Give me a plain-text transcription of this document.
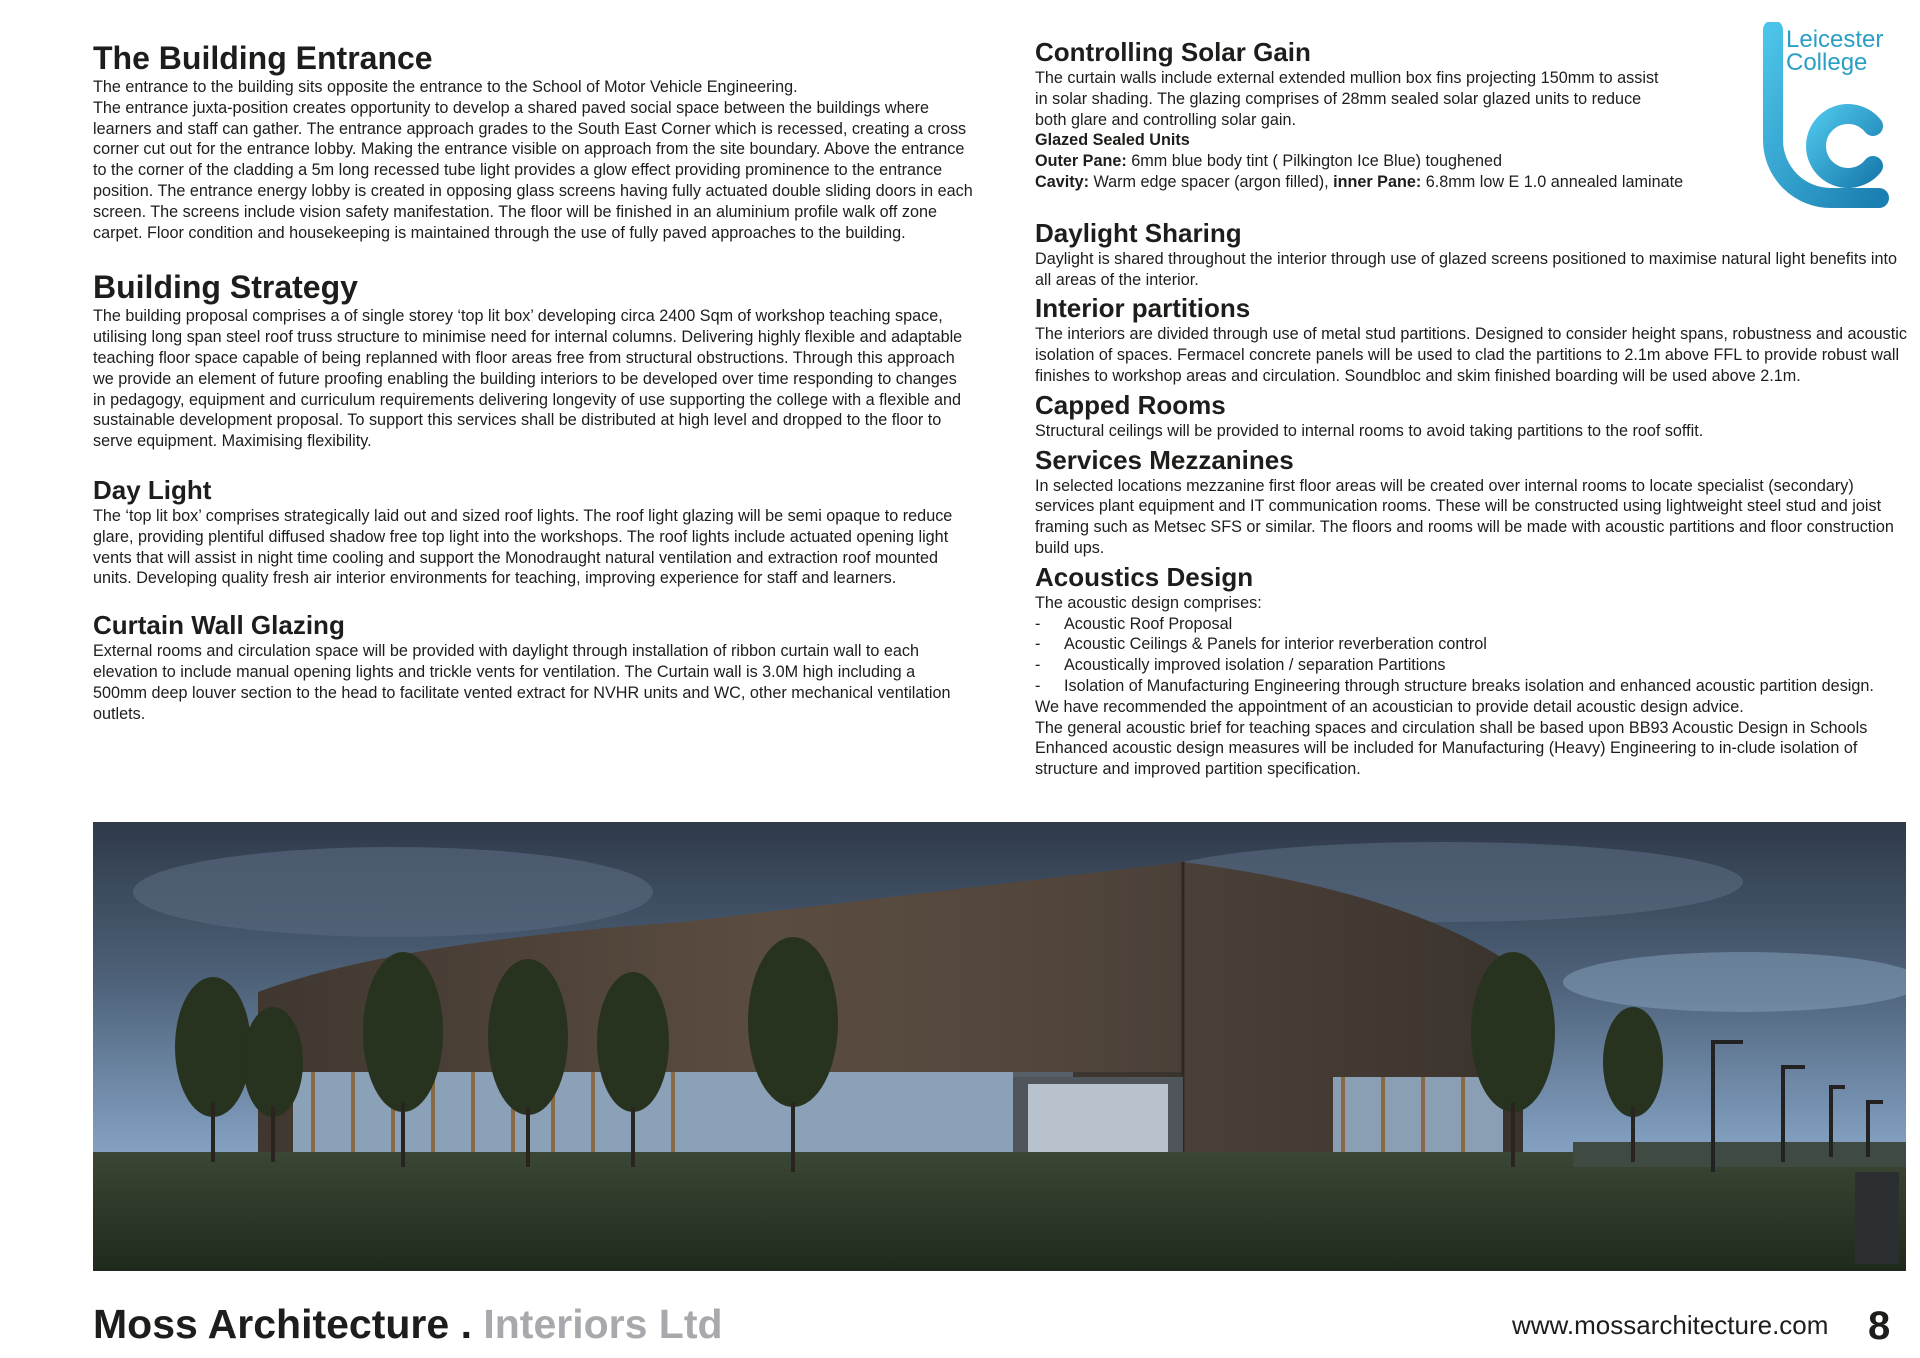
The Building Entrance

The entrance to the building sits opposite the entrance to the School of Motor Vehicle Engineering.
The entrance juxta-position creates opportunity to develop a shared paved social space between the buildings where learners and staff can gather. The entrance approach grades to the South East Corner which is recessed, creating a cross corner cut out for the entrance lobby. Making the entrance visible on approach from the site boundary. Above the entrance to the corner of the cladding a 5m long recessed tube light provides a glow effect providing prominence to the entrance position. The entrance energy lobby is created in opposing glass screens having fully actuated double sliding doors in each screen. The screens include vision safety manifestation. The floor will be finished in an aluminium profile walk off zone carpet. Floor condition and housekeeping is maintained through the use of fully paved approaches to the building.

Building Strategy

The building proposal comprises a of single storey ‘top lit box’ developing circa 2400 Sqm of workshop teaching space, utilising long span steel roof truss structure to minimise need for internal columns. Delivering highly flexible and adaptable teaching floor space capable of being replanned with floor areas free from structural obstructions. Through this approach we provide an element of future proofing enabling the building interiors to be developed over time responding to changes in pedagogy, equipment and curriculum requirements delivering longevity of use supporting the college with a flexible and sustainable development proposal. To support this services shall be distributed at high level and dropped to the floor to serve equipment. Maximising flexibility.

Day Light

The ‘top lit box’ comprises strategically laid out and sized roof lights. The roof light glazing will be semi opaque to reduce glare, providing plentiful diffused shadow free top light into the workshops. The roof lights include actuated opening light vents that will assist in night time cooling and support the Monodraught natural ventilation and extraction roof mounted units. Developing quality fresh air interior environments for teaching, improving experience for staff and learners.

Curtain Wall Glazing

External rooms and circulation space will be provided with daylight through installation of ribbon curtain wall to each elevation to include manual opening lights and trickle vents for ventilation. The Curtain wall is 3.0M high including a 500mm deep louver section to the head to facilitate vented extract for NVHR units and WC, other mechanical ventilation outlets.

Controlling Solar Gain

The curtain walls include external extended mullion box fins projecting 150mm to assist in solar shading. The glazing comprises of 28mm sealed solar glazed units to reduce both glare and controlling solar gain.

Glazed Sealed Units

Outer Pane: 6mm blue body tint ( Pilkington Ice Blue) toughened

Cavity: Warm edge spacer (argon filled), inner Pane: 6.8mm low E 1.0 annealed laminate

Daylight Sharing

Daylight is shared throughout the interior through use of glazed screens positioned to maximise natural light benefits into all areas of the interior.

Interior partitions

The interiors are divided through use of metal stud partitions. Designed to consider height spans, robustness and acoustic isolation of spaces. Fermacel concrete panels will be used to clad the partitions to 2.1m above FFL to provide robust wall finishes to workshop areas and circulation. Soundbloc and skim finished boarding will be used above 2.1m.

Capped Rooms

Structural ceilings will be provided to internal rooms to avoid taking partitions to the roof soffit.

Services Mezzanines

In selected locations mezzanine first floor areas will be created over internal rooms to locate specialist (secondary) services plant equipment and IT communication rooms. These will be constructed using lightweight steel stud and joist framing such as Metsec SFS or similar. The floors and rooms will be made with acoustic partitions and floor construction build ups.

Acoustics Design

The acoustic design comprises:

- Acoustic Roof Proposal
- Acoustic Ceilings & Panels for interior reverberation control
- Acoustically improved isolation / separation Partitions
- Isolation of Manufacturing Engineering through structure breaks isolation and enhanced acoustic partition design.

We have recommended the appointment of an acoustician to provide detail acoustic design advice.

The general acoustic brief for teaching spaces and circulation shall be based upon BB93 Acoustic Design in Schools Enhanced acoustic design measures will be included for Manufacturing (Heavy) Engineering to in-clude isolation of structure and improved partition specification.

Leicester
College
Moss Architecture . Interiors Ltd	www.mossarchitecture.com 8
